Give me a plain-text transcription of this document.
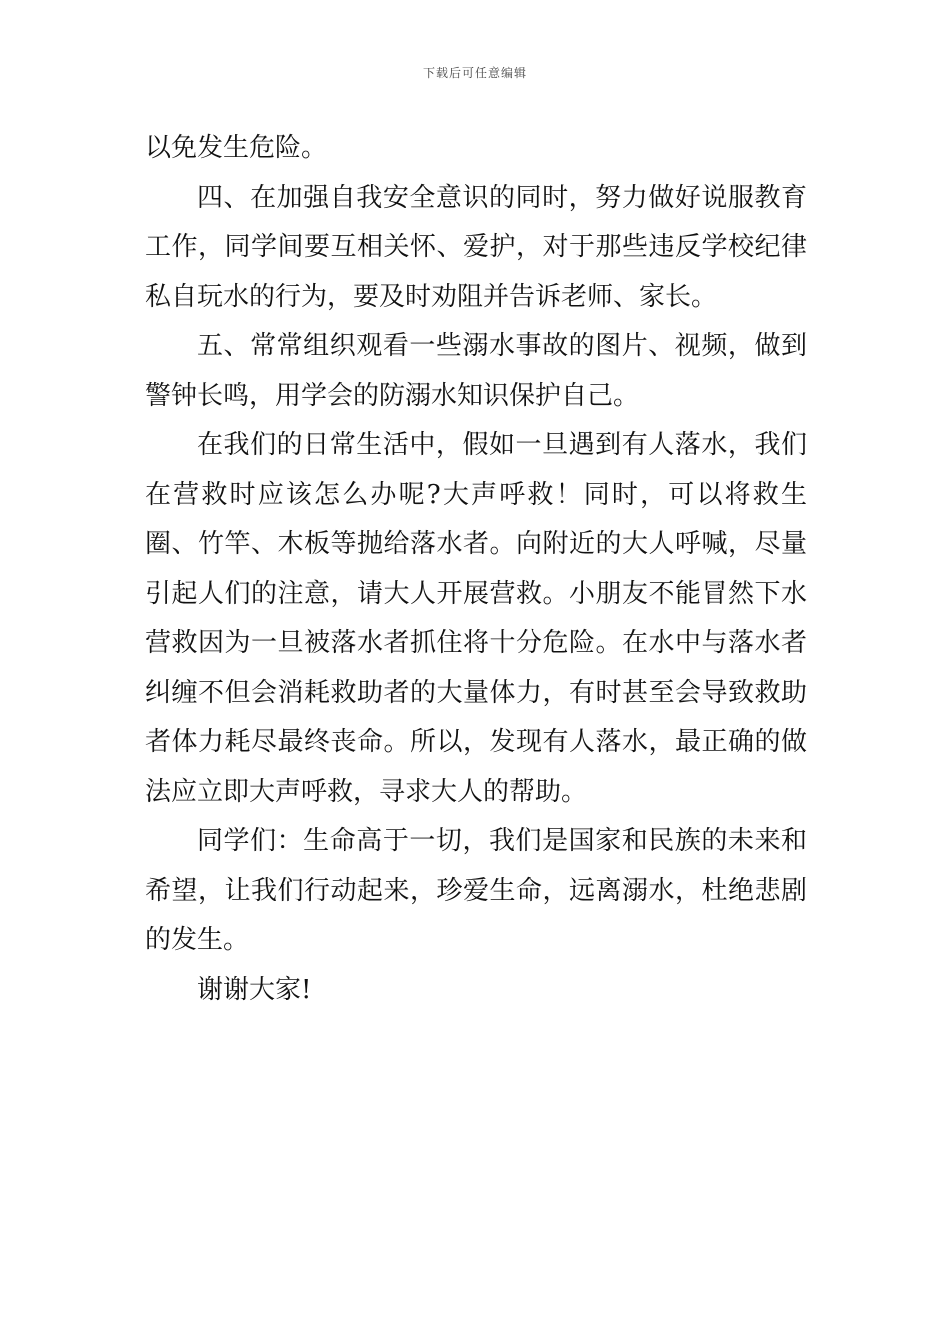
下载后可任意编辑

以免发生危险。

四、在加强自我安全意识的同时，努力做好说服教育工作，同学间要互相关怀、爱护，对于那些违反学校纪律私自玩水的行为，要及时劝阻并告诉老师、家长。

五、常常组织观看一些溺水事故的图片、视频，做到警钟长鸣，用学会的防溺水知识保护自己。

在我们的日常生活中，假如一旦遇到有人落水，我们在营救时应该怎么办呢?大声呼救！同时，可以将救生圈、竹竿、木板等抛给落水者。向附近的大人呼喊，尽量引起人们的注意，请大人开展营救。小朋友不能冒然下水营救因为一旦被落水者抓住将十分危险。在水中与落水者纠缠不但会消耗救助者的大量体力，有时甚至会导致救助者体力耗尽最终丧命。所以，发现有人落水，最正确的做法应立即大声呼救，寻求大人的帮助。

同学们：生命高于一切，我们是国家和民族的未来和希望，让我们行动起来，珍爱生命，远离溺水，杜绝悲剧的发生。

谢谢大家!
